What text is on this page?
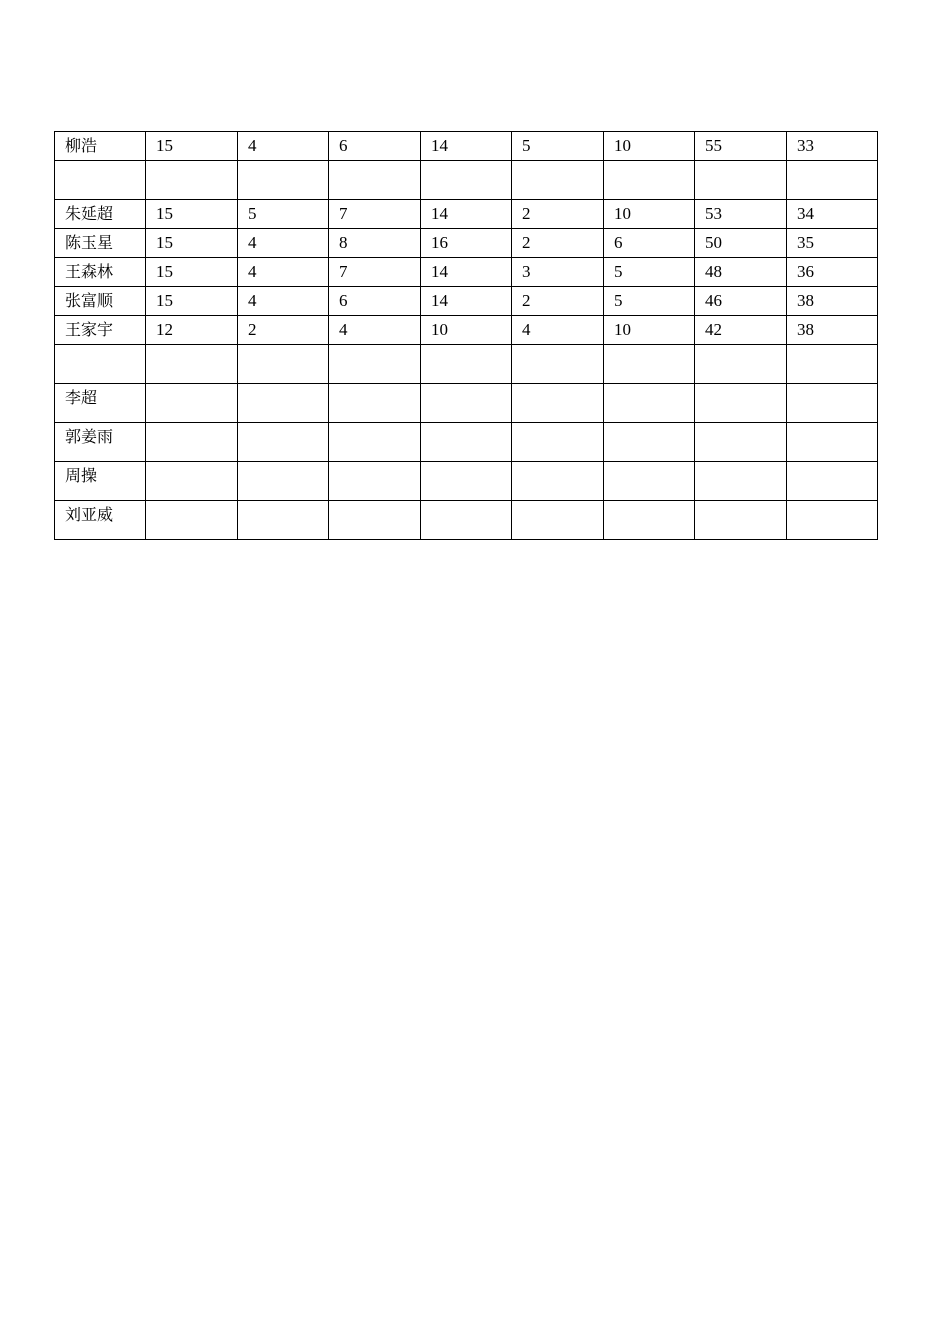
柳浩	15	4	6	14	5	10	55	33

朱延超	15	5	7	14	2	10	53	34
陈玉星	15	4	8	16	2	6	50	35
王森林	15	4	7	14	3	5	48	36
张富顺	15	4	6	14	2	5	46	38
王家宇	12	2	4	10	4	10	42	38

李超								
郭姜雨								
周操								
刘亚威								
